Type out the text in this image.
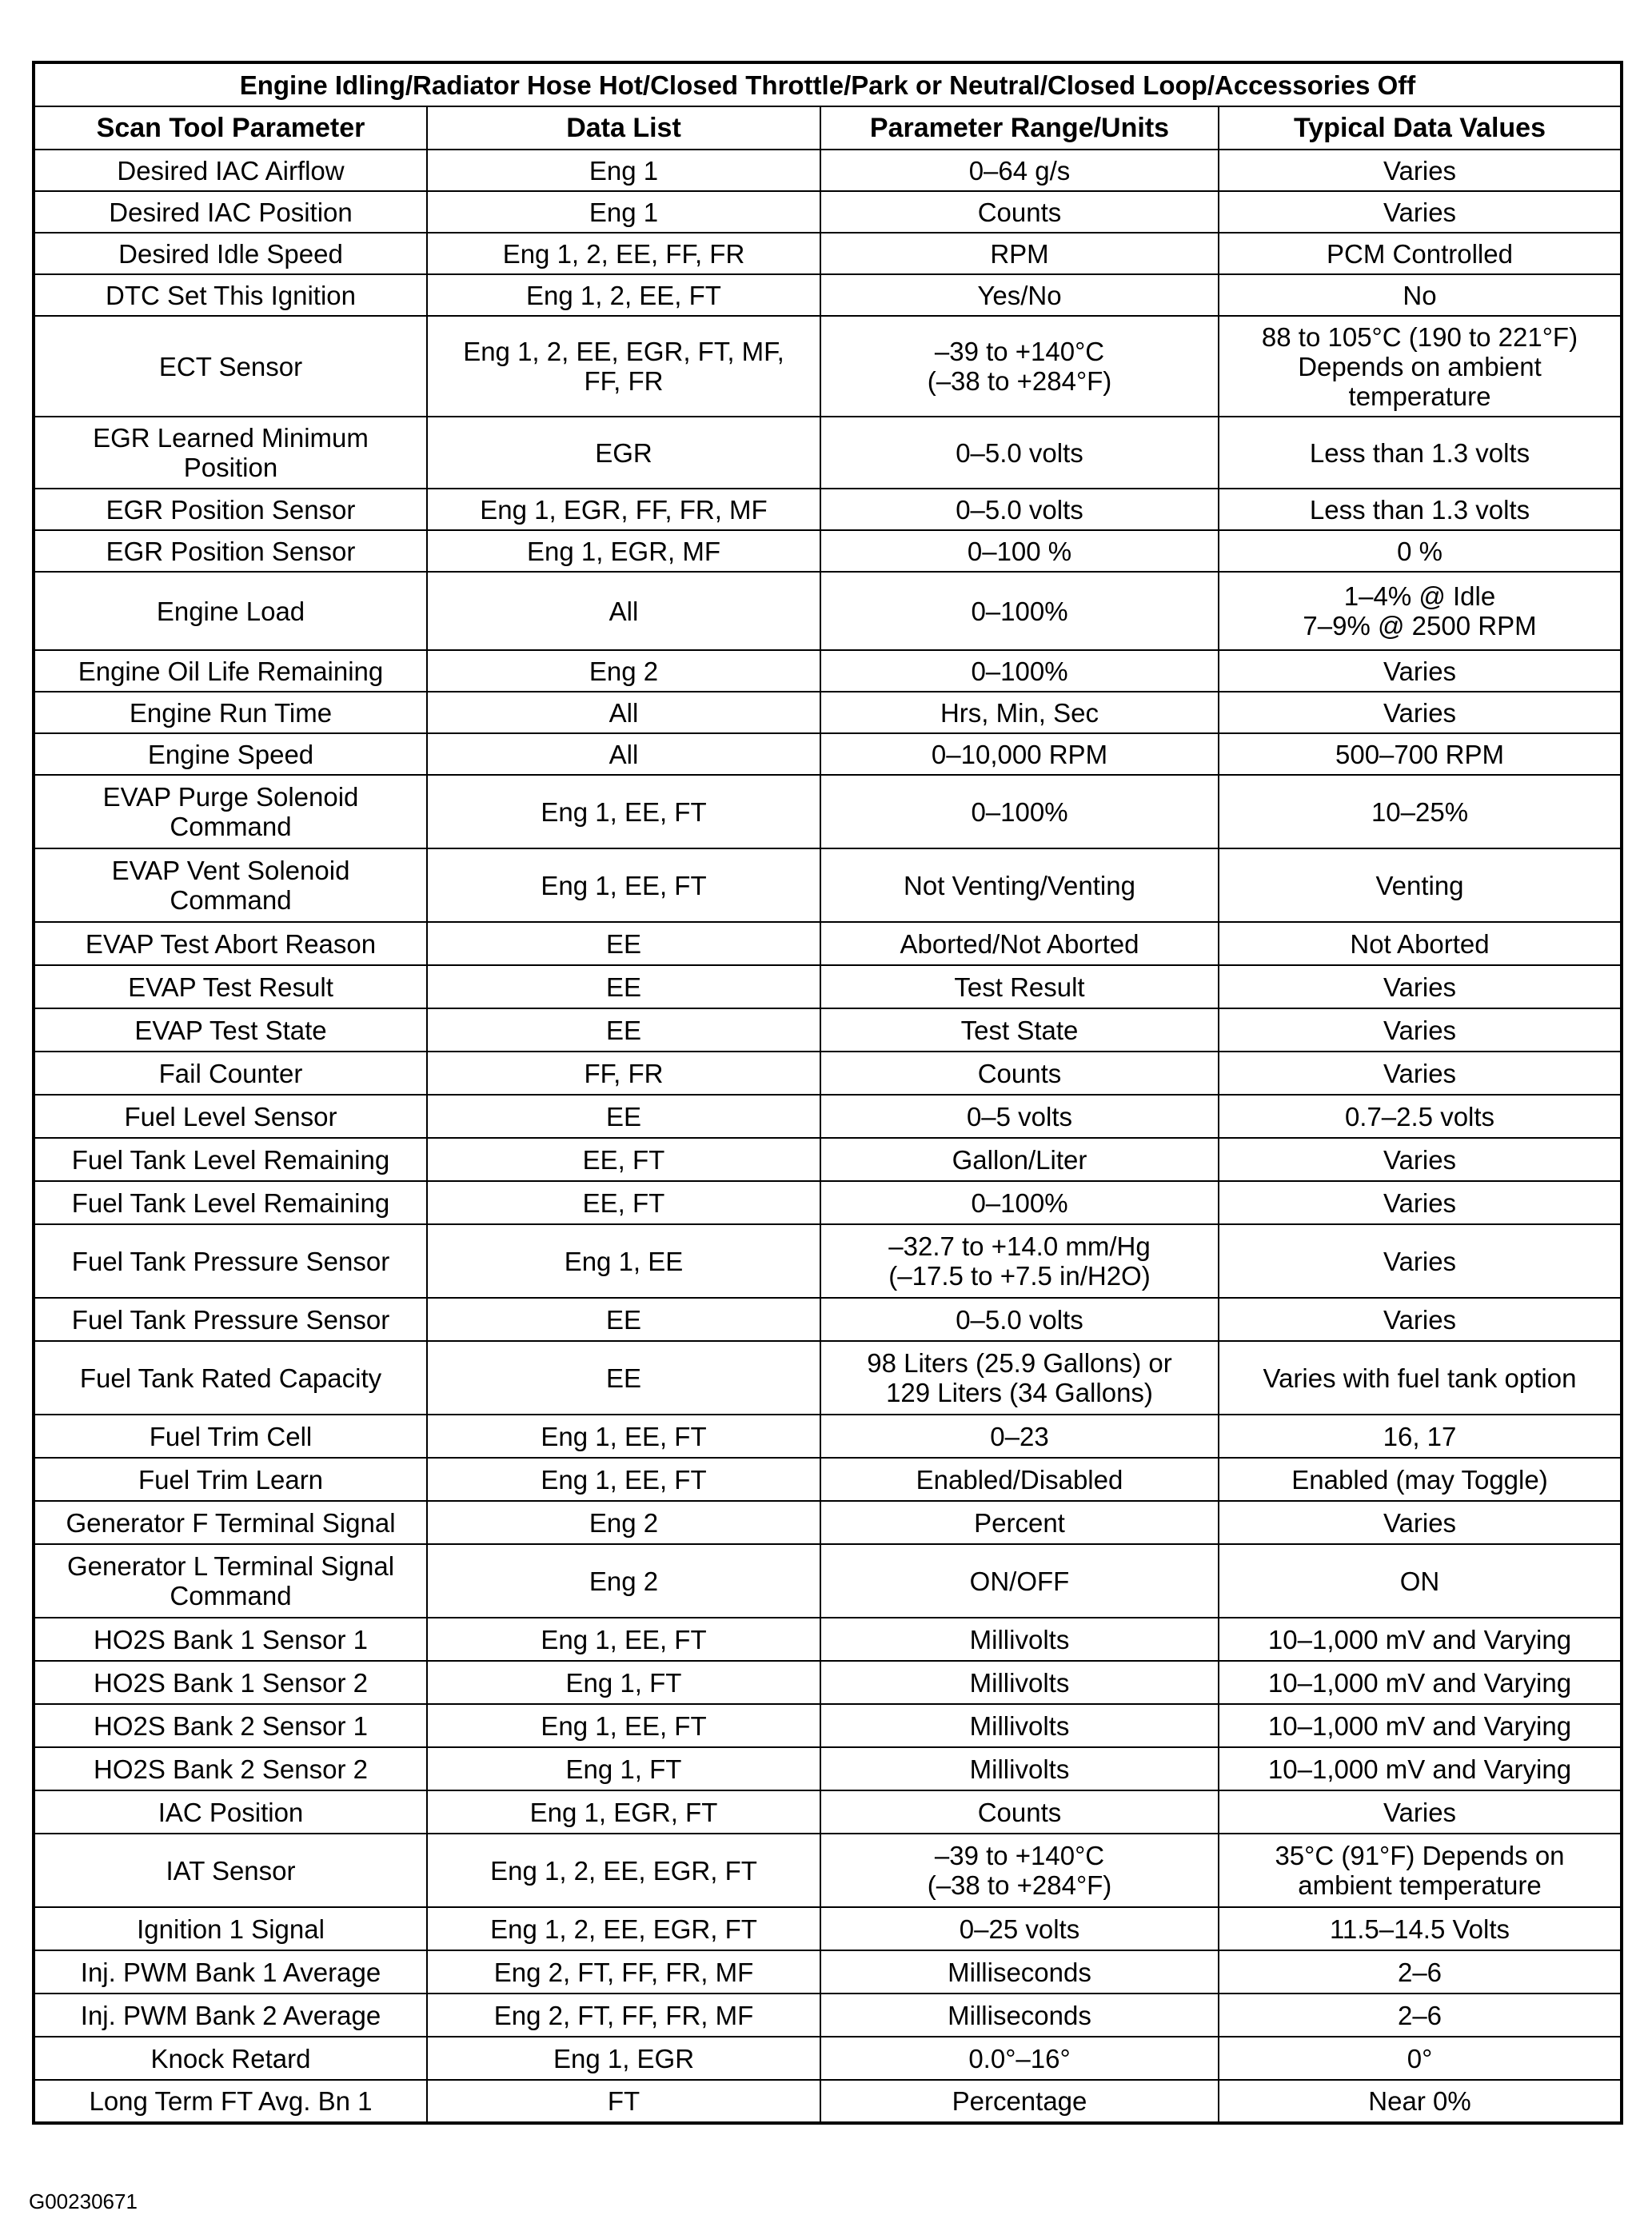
Engine Idling/Radiator Hose Hot/Closed Throttle/Park or Neutral/Closed Loop/Accessories Off			
Scan Tool Parameter	Data List	Parameter Range/Units	Typical Data Values

Desired IAC Airflow	Eng 1	0–64 g/s	Varies

Desired IAC Position	Eng 1	Counts	Varies

Desired Idle Speed	Eng 1, 2, EE, FF, FR	RPM	PCM Controlled

DTC Set This Ignition	Eng 1, 2, EE, FT	Yes/No	No

ECT Sensor	Eng 1, 2, EE, EGR, FT, MF,
FF, FR	–39 to +140°C
(–38 to +284°F)	88 to 105°C (190 to 221°F)
Depends on ambient
temperature

EGR Learned Minimum
Position	EGR	0–5.0 volts	Less than 1.3 volts

EGR Position Sensor	Eng 1, EGR, FF, FR, MF	0–5.0 volts	Less than 1.3 volts

EGR Position Sensor	Eng 1, EGR, MF	0–100 %	0 %

Engine Load	All	0–100%	1–4% @ Idle
7–9% @ 2500 RPM

Engine Oil Life Remaining	Eng 2	0–100%	Varies

Engine Run Time	All	Hrs, Min, Sec	Varies

Engine Speed	All	0–10,000 RPM	500–700 RPM

EVAP Purge Solenoid
Command	Eng 1, EE, FT	0–100%	10–25%

EVAP Vent Solenoid
Command	Eng 1, EE, FT	Not Venting/Venting	Venting

EVAP Test Abort Reason	EE	Aborted/Not Aborted	Not Aborted

EVAP Test Result	EE	Test Result	Varies

EVAP Test State	EE	Test State	Varies

Fail Counter	FF, FR	Counts	Varies

Fuel Level Sensor	EE	0–5 volts	0.7–2.5 volts

Fuel Tank Level Remaining	EE, FT	Gallon/Liter	Varies

Fuel Tank Level Remaining	EE, FT	0–100%	Varies

Fuel Tank Pressure Sensor	Eng 1, EE	–32.7 to +14.0 mm/Hg
(–17.5 to +7.5 in/H2O)	Varies

Fuel Tank Pressure Sensor	EE	0–5.0 volts	Varies

Fuel Tank Rated Capacity	EE	98 Liters (25.9 Gallons) or
129 Liters (34 Gallons)	Varies with fuel tank option

Fuel Trim Cell	Eng 1, EE, FT	0–23	16, 17

Fuel Trim Learn	Eng 1, EE, FT	Enabled/Disabled	Enabled (may Toggle)

Generator F Terminal Signal	Eng 2	Percent	Varies

Generator L Terminal Signal
Command	Eng 2	ON/OFF	ON

HO2S Bank 1 Sensor 1	Eng 1, EE, FT	Millivolts	10–1,000 mV and Varying

HO2S Bank 1 Sensor 2	Eng 1, FT	Millivolts	10–1,000 mV and Varying

HO2S Bank 2 Sensor 1	Eng 1, EE, FT	Millivolts	10–1,000 mV and Varying

HO2S Bank 2 Sensor 2	Eng 1, FT	Millivolts	10–1,000 mV and Varying

IAC Position	Eng 1, EGR, FT	Counts	Varies

IAT Sensor	Eng 1, 2, EE, EGR, FT	–39 to +140°C
(–38 to +284°F)	35°C (91°F) Depends on
ambient temperature

Ignition 1 Signal	Eng 1, 2, EE, EGR, FT	0–25 volts	11.5–14.5 Volts

Inj. PWM Bank 1 Average	Eng 2, FT, FF, FR, MF	Milliseconds	2–6

Inj. PWM Bank 2 Average	Eng 2, FT, FF, FR, MF	Milliseconds	2–6

Knock Retard	Eng 1, EGR	0.0°–16°	0°

Long Term FT Avg. Bn 1	FT	Percentage	Near 0%
G00230671
